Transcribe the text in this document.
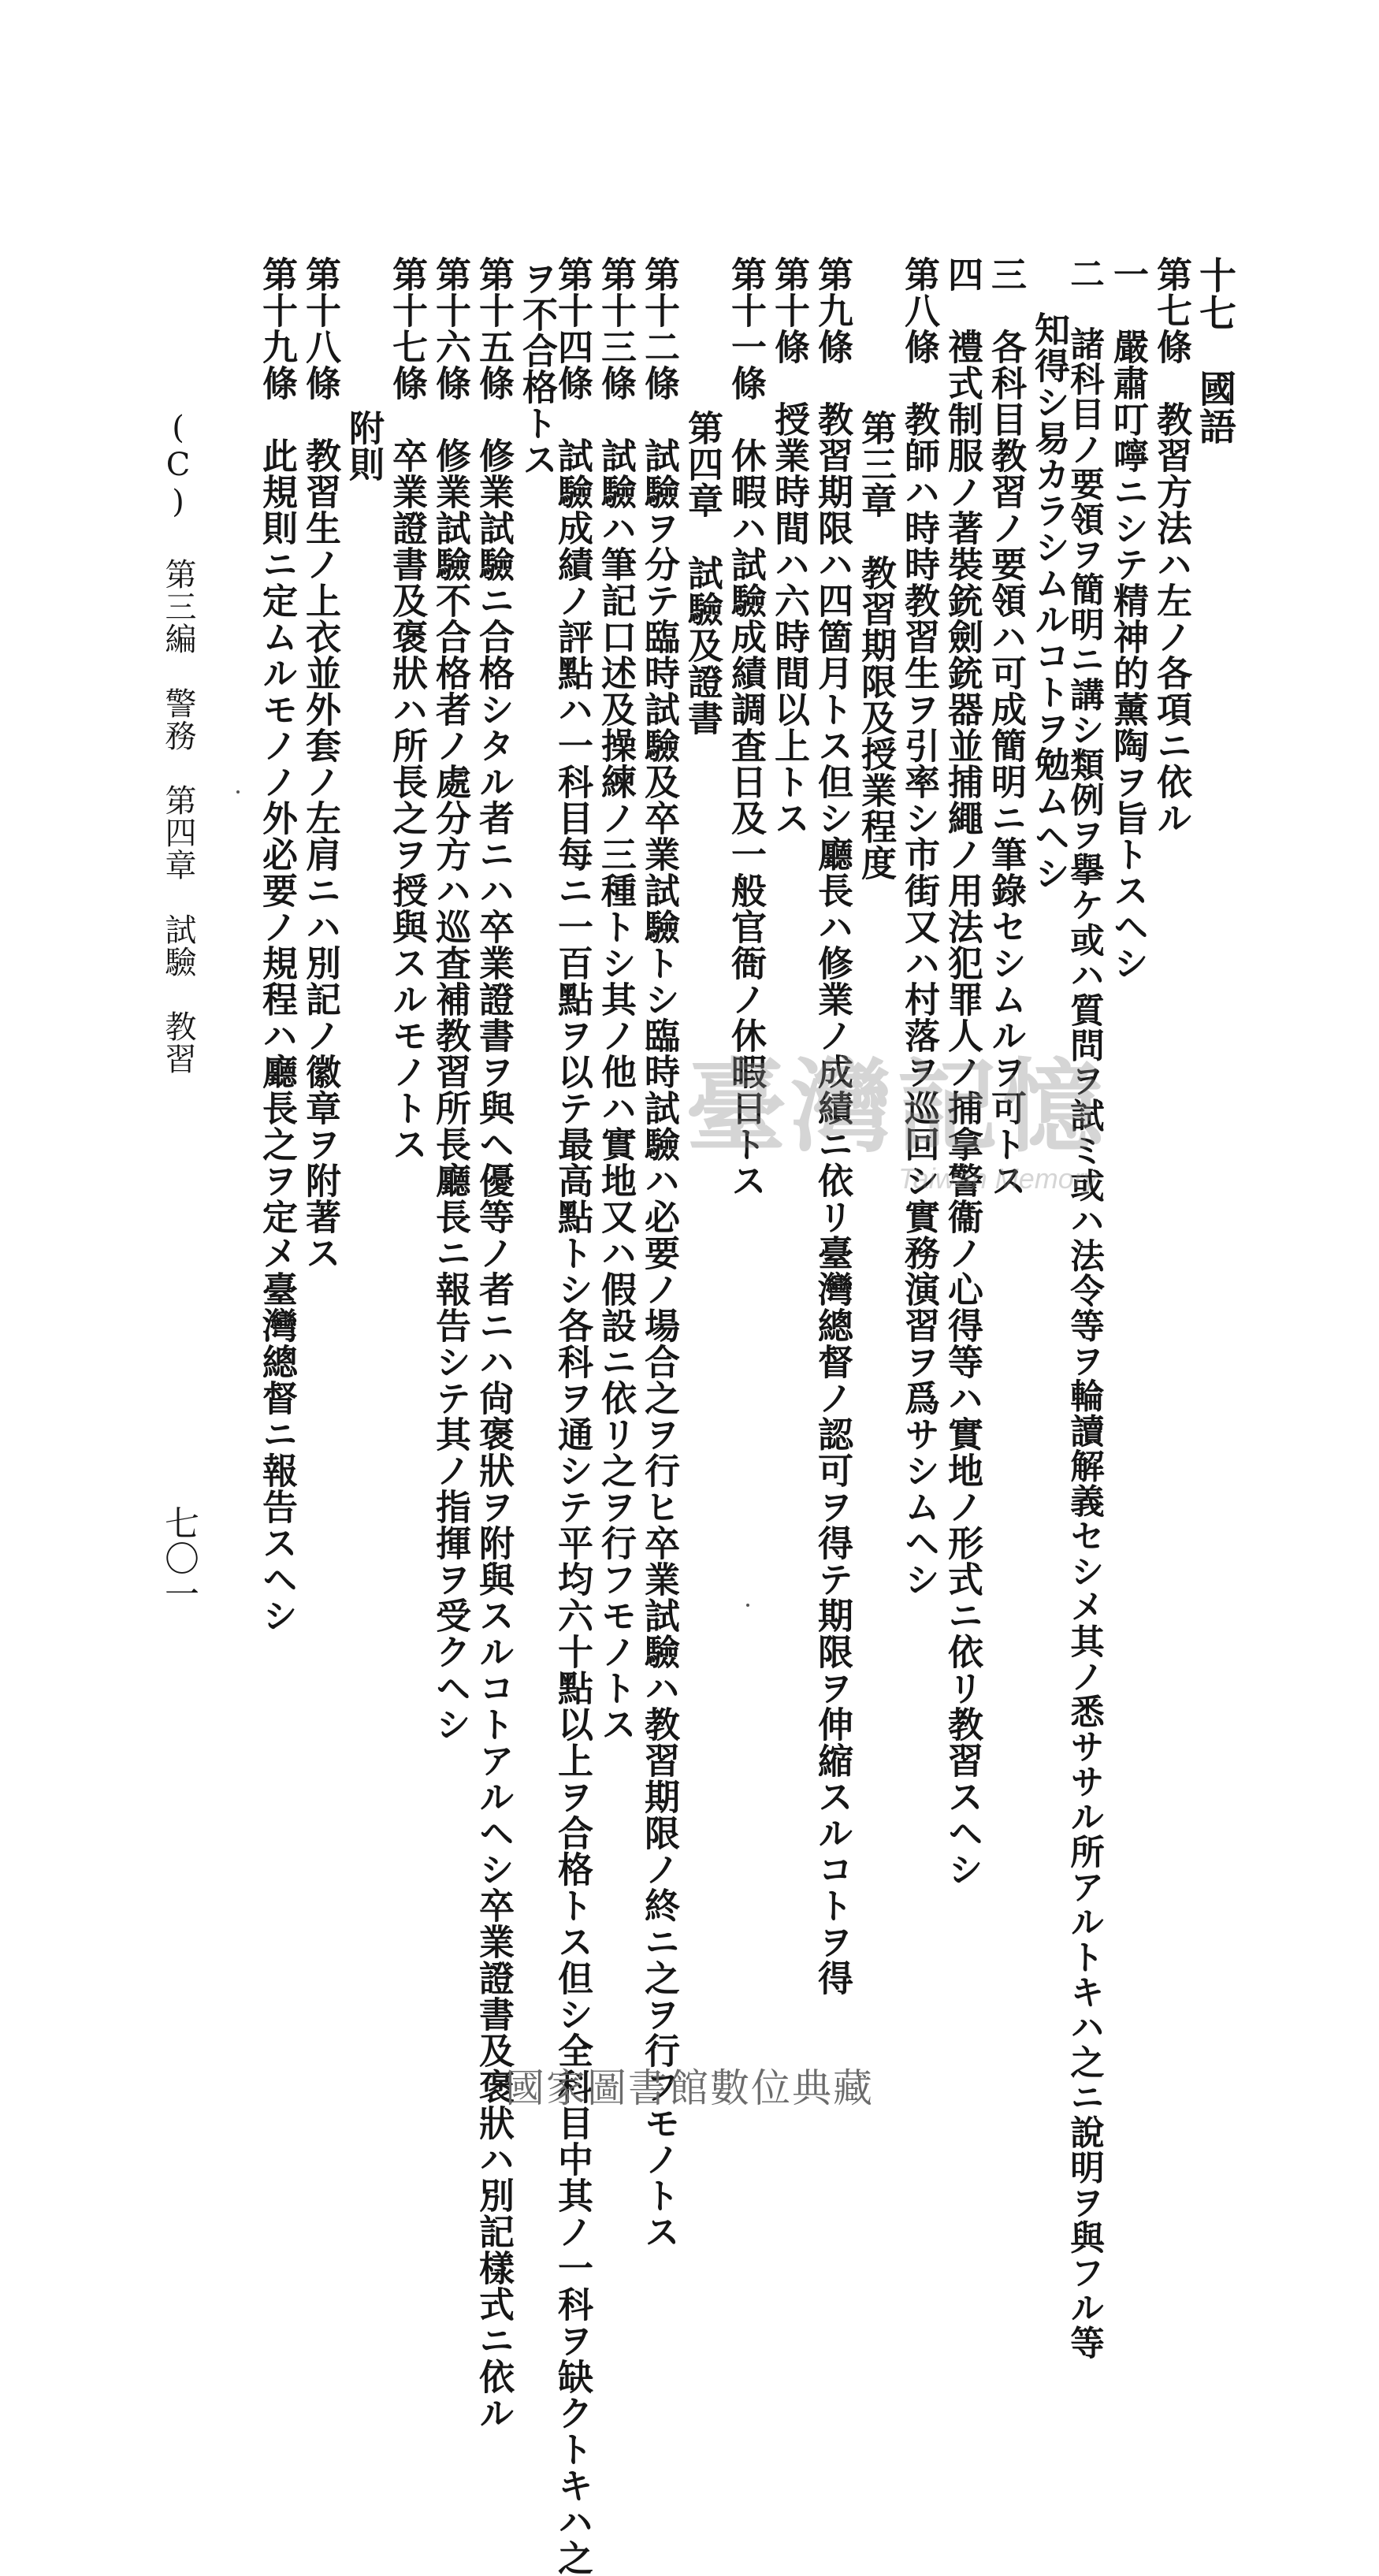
十七　國語
第七條　教習方法ハ左ノ各項ニ依ル
一　嚴肅叮嚀ニシテ精神的薰陶ヲ旨トスヘシ
二　諸科目ノ要領ヲ簡明ニ講シ類例ヲ擧ケ或ハ質問ヲ試ミ或ハ法令等ヲ輪讀解義セシメ其ノ悉ササル所アルトキハ之ニ說明ヲ與フル等
知得シ易カラシムルコトヲ勉ムヘシ
三　各科目教習ノ要領ハ可成簡明ニ筆錄セシムルヲ可トス
四　禮式制服ノ著裝銃劍銃器並捕繩ノ用法犯罪人ノ捕拿警衞ノ心得等ハ實地ノ形式ニ依リ教習スヘシ
第八條　教師ハ時時教習生ヲ引率シ市街又ハ村落ヲ巡回シ實務演習ヲ爲サシムヘシ
第三章　教習期限及授業程度
第九條　教習期限ハ四箇月トス但シ廳長ハ修業ノ成績ニ依リ臺灣總督ノ認可ヲ得テ期限ヲ伸縮スルコトヲ得
第十條　授業時間ハ六時間以上トス
第十一條　休暇ハ試驗成績調査日及一般官衙ノ休暇日トス
第四章　試驗及證書
第十二條　試驗ヲ分テ臨時試驗及卒業試驗トシ臨時試驗ハ必要ノ場合之ヲ行ヒ卒業試驗ハ教習期限ノ終ニ之ヲ行フモノトス
第十三條　試驗ハ筆記口述及操練ノ三種トシ其ノ他ハ實地又ハ假設ニ依リ之ヲ行フモノトス
第十四條　試驗成績ノ評點ハ一科目每ニ一百點ヲ以テ最高點トシ各科ヲ通シテ平均六十點以上ヲ合格トス但シ全科目中其ノ一科ヲ缺クトキハ之
ヲ不合格トス
第十五條　修業試驗ニ合格シタル者ニハ卒業證書ヲ與ヘ優等ノ者ニハ尙褒狀ヲ附與スルコトアルヘシ卒業證書及褒狀ハ別記樣式ニ依ル
第十六條　修業試驗不合格者ノ處分方ハ巡査補教習所長廳長ニ報告シテ其ノ指揮ヲ受クヘシ
第十七條　卒業證書及褒狀ハ所長之ヲ授與スルモノトス
附則
第十八條　教習生ノ上衣並外套ノ左肩ニハ別記ノ徽章ヲ附著ス
第十九條　此規則ニ定ムルモノノ外必要ノ規程ハ廳長之ヲ定メ臺灣總督ニ報告スヘシ
(C) 第三編　警務　第四章　試驗　教習
七〇一
臺灣記憶
Taiwan Memory
國家圖書館數位典藏
